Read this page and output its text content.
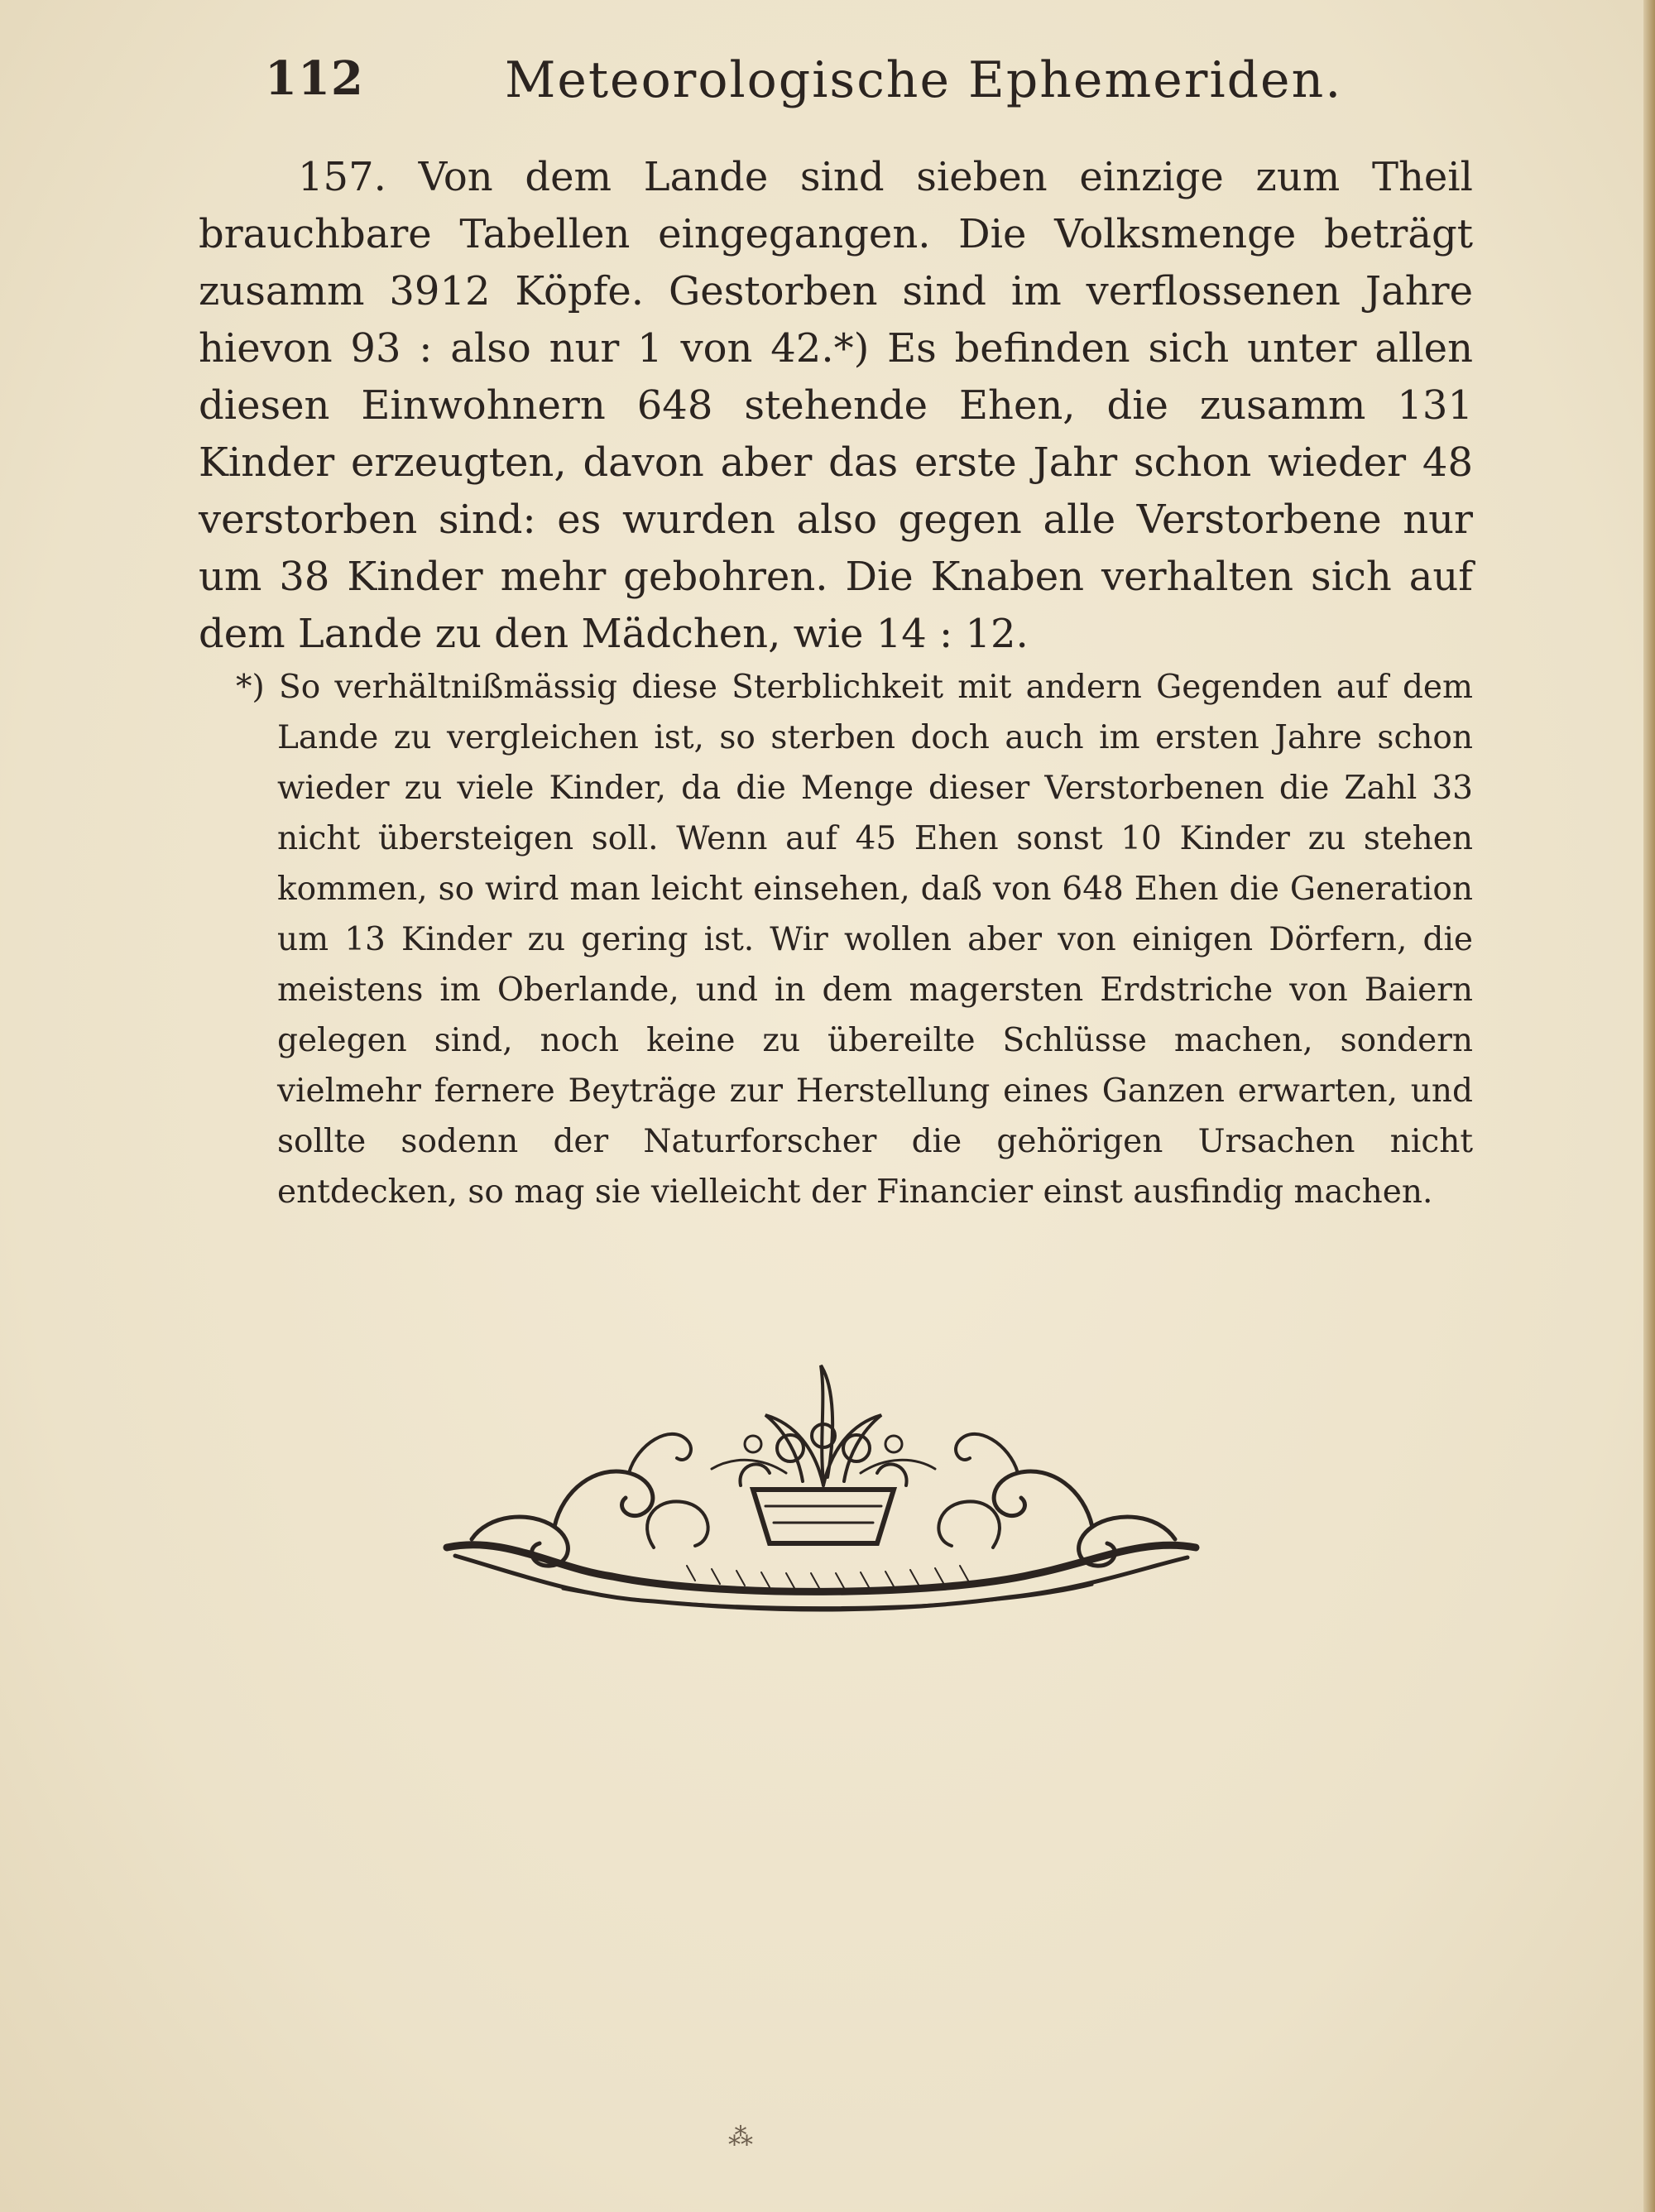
112	Meteorologische Ephemeriden.

157. Von dem Lande sind sieben einzige zum Theil brauchbare Tabellen eingegangen. Die Volksmenge beträgt zusamm 3912 Köpfe. Gestorben sind im verflossenen Jahre hievon 93 : also nur 1 von 42.*) Es befinden sich unter allen diesen Einwohnern 648 stehende Ehen, die zusamm 131 Kinder erzeugten, davon aber das erste Jahr schon wieder 48 verstorben sind: es wurden also gegen alle Verstorbene nur um 38 Kinder mehr gebohren. Die Knaben verhalten sich auf dem Lande zu den Mädchen, wie 14 : 12.

*) So verhältnißmässig diese Sterblichkeit mit andern Gegenden auf dem Lande zu vergleichen ist, so sterben doch auch im ersten Jahre schon wieder zu viele Kinder, da die Menge dieser Verstorbenen die Zahl 33 nicht übersteigen soll. Wenn auf 45 Ehen sonst 10 Kinder zu stehen kommen, so wird man leicht einsehen, daß von 648 Ehen die Generation um 13 Kinder zu gering ist. Wir wollen aber von einigen Dörfern, die meistens im Oberlande, und in dem magersten Erdstriche von Baiern gelegen sind, noch keine zu übereilte Schlüsse machen, sondern vielmehr fernere Beyträge zur Herstellung eines Ganzen erwarten, und sollte sodenn der Naturforscher die gehörigen Ursachen nicht entdecken, so mag sie vielleicht der Financier einst ausfindig machen.

⁂
